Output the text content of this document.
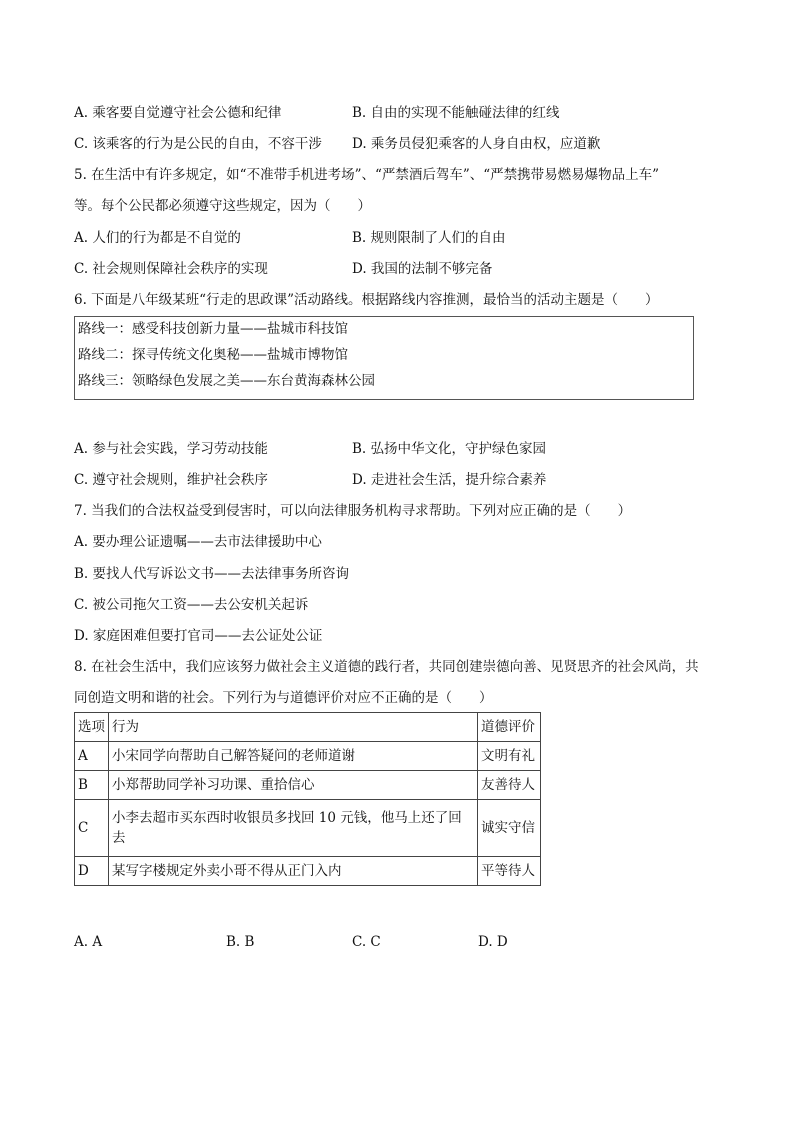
A. 乘客要自觉遵守社会公德和纪律	B. 自由的实现不能触碰法律的红线
C. 该乘客的行为是公民的自由，不容干涉 D. 乘务员侵犯乘客的人身自由权，应道歉
5. 在生活中有许多规定，如“不准带手机进考场”、“严禁酒后驾车”、“严禁携带易燃易爆物品上车”
等。每个公民都必须遵守这些规定，因为（　　）
A. 人们的行为都是不自觉的	B. 规则限制了人们的自由
C. 社会规则保障社会秩序的实现	D. 我国的法制不够完备
6. 下面是八年级某班“行走的思政课”活动路线。根据路线内容推测，最恰当的活动主题是（　　）
路线一：感受科技创新力量——盐城市科技馆
路线二：探寻传统文化奥秘——盐城市博物馆
路线三：领略绿色发展之美——东台黄海森林公园
A. 参与社会实践，学习劳动技能	B. 弘扬中华文化，守护绿色家园
C. 遵守社会规则，维护社会秩序	D. 走进社会生活，提升综合素养
7. 当我们的合法权益受到侵害时，可以向法律服务机构寻求帮助。下列对应正确的是（　　）
A. 要办理公证遗嘱——去市法律援助中心
B. 要找人代写诉讼文书——去法律事务所咨询
C. 被公司拖欠工资——去公安机关起诉
D. 家庭困难但要打官司——去公证处公证
8. 在社会生活中，我们应该努力做社会主义道德的践行者，共同创建崇德向善、见贤思齐的社会风尚，共
同创造文明和谐的社会。下列行为与道德评价对应不正确的是（　　）
选项	行为	道德评价
A	小宋同学向帮助自己解答疑问的老师道谢	文明有礼
B	小郑帮助同学补习功课、重拾信心	友善待人
C	小李去超市买东西时收银员多找回 10 元钱，他马上还了回去	诚实守信
D	某写字楼规定外卖小哥不得从正门入内	平等待人
A. A	B. B	C. C	D. D
